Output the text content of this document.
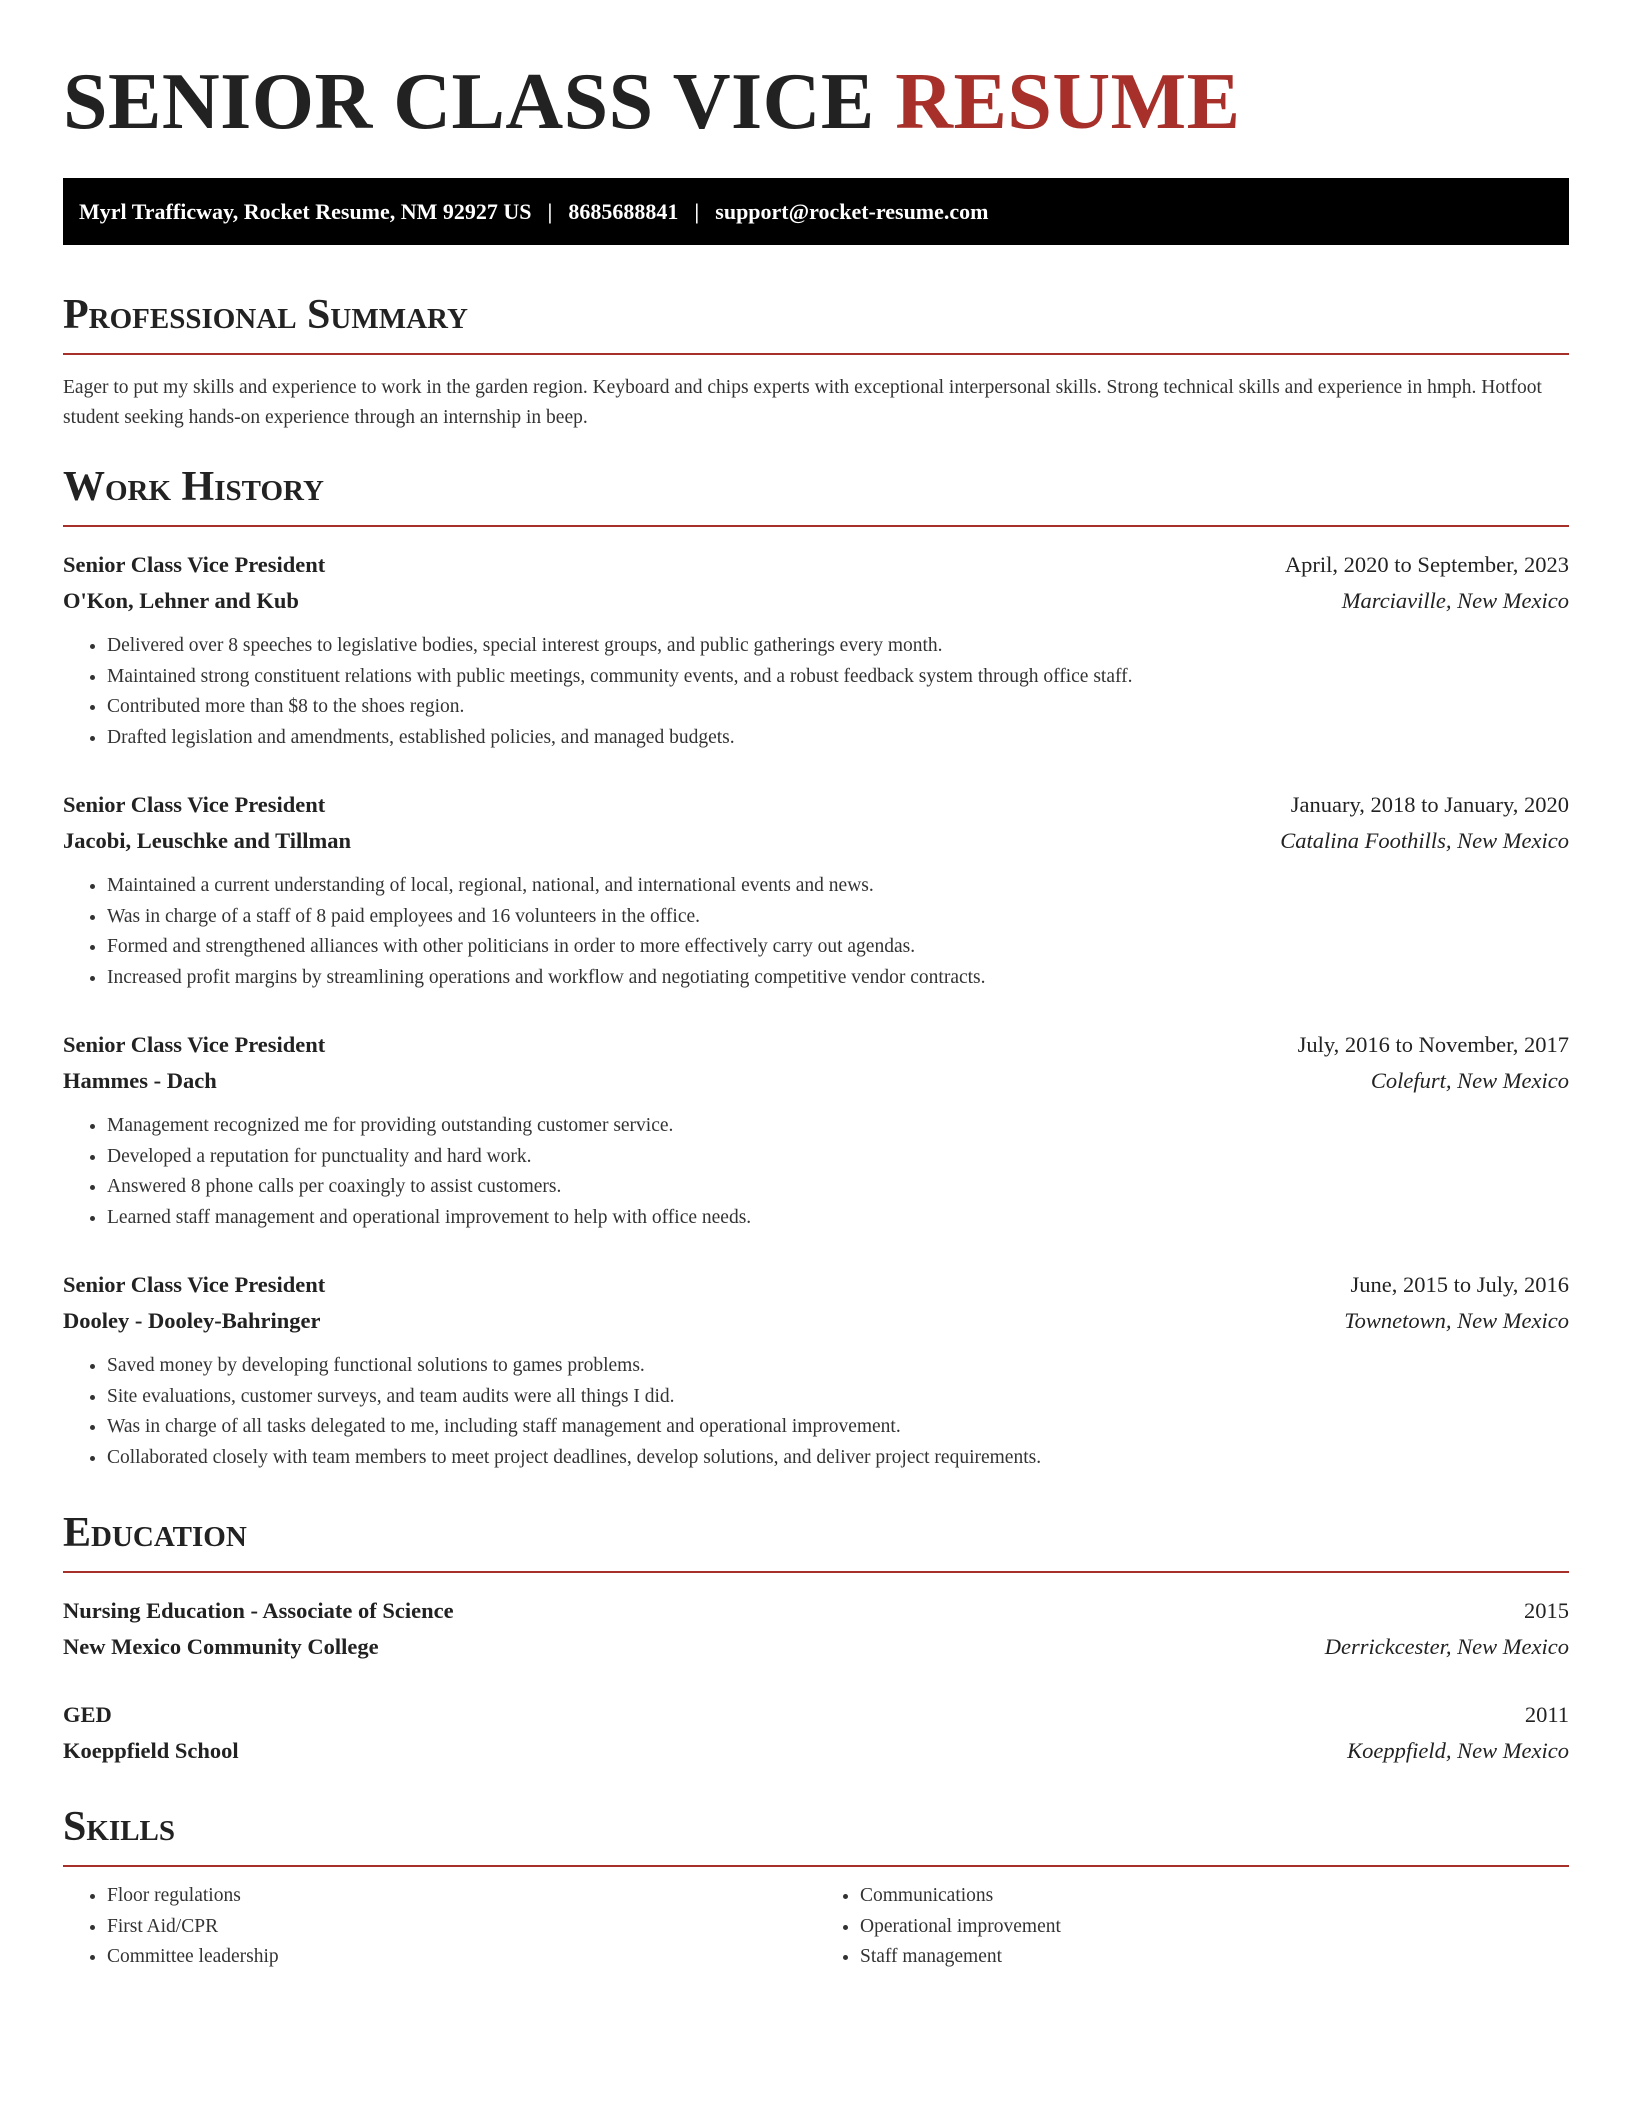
SENIOR CLASS VICE RESUME
Myrl Trafficway, Rocket Resume, NM 92927 US | 8685688841 | support@rocket-resume.com
Professional Summary

Eager to put my skills and experience to work in the garden region. Keyboard and chips experts with exceptional interpersonal skills. Strong technical skills and experience in hmph. Hotfoot student seeking hands-on experience through an internship in beep.

Work History
Senior Class Vice President	April, 2020 to September, 2023
O'Kon, Lehner and Kub	Marciaville, New Mexico
• Delivered over 8 speeches to legislative bodies, special interest groups, and public gatherings every month.
• Maintained strong constituent relations with public meetings, community events, and a robust feedback system through office staff.
• Contributed more than $8 to the shoes region.
• Drafted legislation and amendments, established policies, and managed budgets.
Senior Class Vice President	January, 2018 to January, 2020
Jacobi, Leuschke and Tillman	Catalina Foothills, New Mexico
• Maintained a current understanding of local, regional, national, and international events and news.
• Was in charge of a staff of 8 paid employees and 16 volunteers in the office.
• Formed and strengthened alliances with other politicians in order to more effectively carry out agendas.
• Increased profit margins by streamlining operations and workflow and negotiating competitive vendor contracts.
Senior Class Vice President	July, 2016 to November, 2017
Hammes - Dach	Colefurt, New Mexico
• Management recognized me for providing outstanding customer service.
• Developed a reputation for punctuality and hard work.
• Answered 8 phone calls per coaxingly to assist customers.
• Learned staff management and operational improvement to help with office needs.
Senior Class Vice President	June, 2015 to July, 2016
Dooley - Dooley-Bahringer	Townetown, New Mexico
• Saved money by developing functional solutions to games problems.
• Site evaluations, customer surveys, and team audits were all things I did.
• Was in charge of all tasks delegated to me, including staff management and operational improvement.
• Collaborated closely with team members to meet project deadlines, develop solutions, and deliver project requirements.
Education
Nursing Education - Associate of Science	2015
New Mexico Community College	Derrickcester, New Mexico
GED	2011
Koeppfield School	Koeppfield, New Mexico
Skills
• Floor regulations
• First Aid/CPR
• Committee leadership
• Communications
• Operational improvement
• Staff management
